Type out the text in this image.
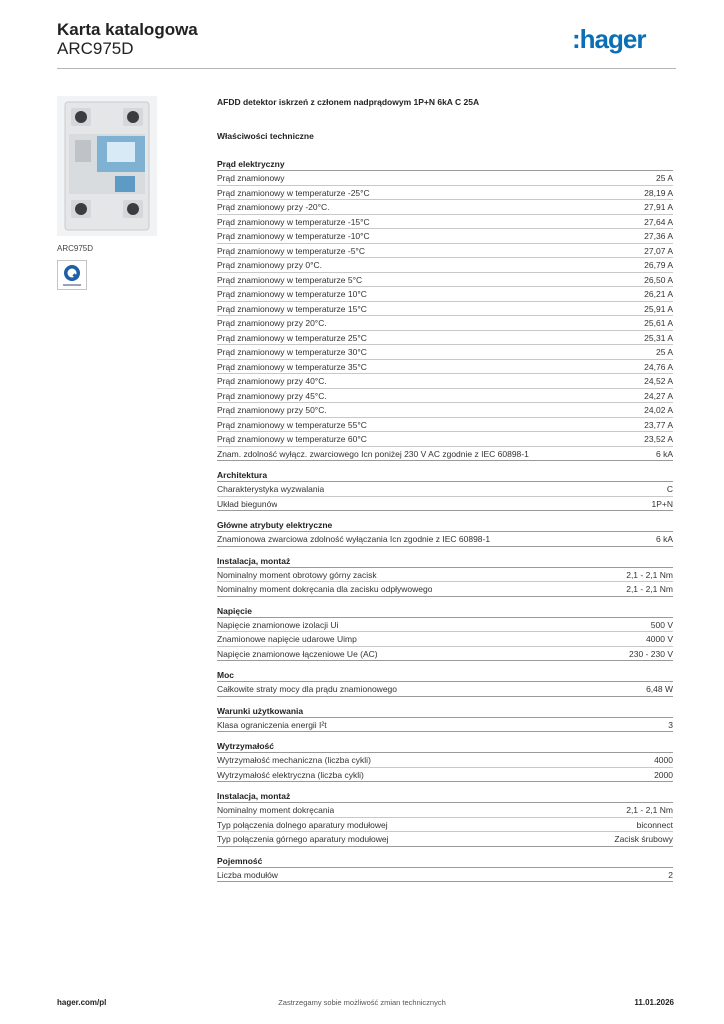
Karta katalogowa
ARC975D	:hager
ARC975D
AFDD detektor iskrzeń z członem nadprądowym 1P+N 6kA C 25A
Właściwości techniczne
Prąd elektryczny
Prąd znamionowy	25 A
Prąd znamionowy w temperaturze -25°C	28,19 A
Prąd znamionowy przy -20°C.	27,91 A
Prąd znamionowy w temperaturze -15°C	27,64 A
Prąd znamionowy w temperaturze -10°C	27,36 A
Prąd znamionowy w temperaturze -5°C	27,07 A
Prąd znamionowy przy 0°C.	26,79 A
Prąd znamionowy w temperaturze 5°C	26,50 A
Prąd znamionowy w temperaturze 10°C	26,21 A
Prąd znamionowy w temperaturze 15°C	25,91 A
Prąd znamionowy przy 20°C.	25,61 A
Prąd znamionowy w temperaturze 25°C	25,31 A
Prąd znamionowy w temperaturze 30°C	25 A
Prąd znamionowy w temperaturze 35°C	24,76 A
Prąd znamionowy przy 40°C.	24,52 A
Prąd znamionowy przy 45°C.	24,27 A
Prąd znamionowy przy 50°C.	24,02 A
Prąd znamionowy w temperaturze 55°C	23,77 A
Prąd znamionowy w temperaturze 60°C	23,52 A
Znam. zdolność wyłącz. zwarciowego Icn poniżej 230 V AC zgodnie z IEC 60898-1	6 kA
Architektura
Charakterystyka wyzwalania	C
Układ biegunów	1P+N
Główne atrybuty elektryczne
Znamionowa zwarciowa zdolność wyłączania Icn zgodnie z IEC 60898-1	6 kA
Instalacja, montaż
Nominalny moment obrotowy górny zacisk	2,1 - 2,1 Nm
Nominalny moment dokręcania dla zacisku odpływowego	2,1 - 2,1 Nm
Napięcie
Napięcie znamionowe izolacji Ui	500 V
Znamionowe napięcie udarowe Uimp	4000 V
Napięcie znamionowe łączeniowe Ue (AC)	230 - 230 V
Moc
Całkowite straty mocy dla prądu znamionowego	6,48 W
Warunki użytkowania
Klasa ograniczenia energii I²t	3
Wytrzymałość
Wytrzymałość mechaniczna (liczba cykli)	4000
Wytrzymałość elektryczna (liczba cykli)	2000
Instalacja, montaż
Nominalny moment dokręcania	2,1 - 2,1 Nm
Typ połączenia dolnego aparatury modułowej	biconnect
Typ połączenia górnego aparatury modułowej	Zacisk śrubowy
Pojemność
Liczba modułów	2
hager.com/pl	Zastrzegamy sobie możliwość zmian technicznych	11.01.2026
